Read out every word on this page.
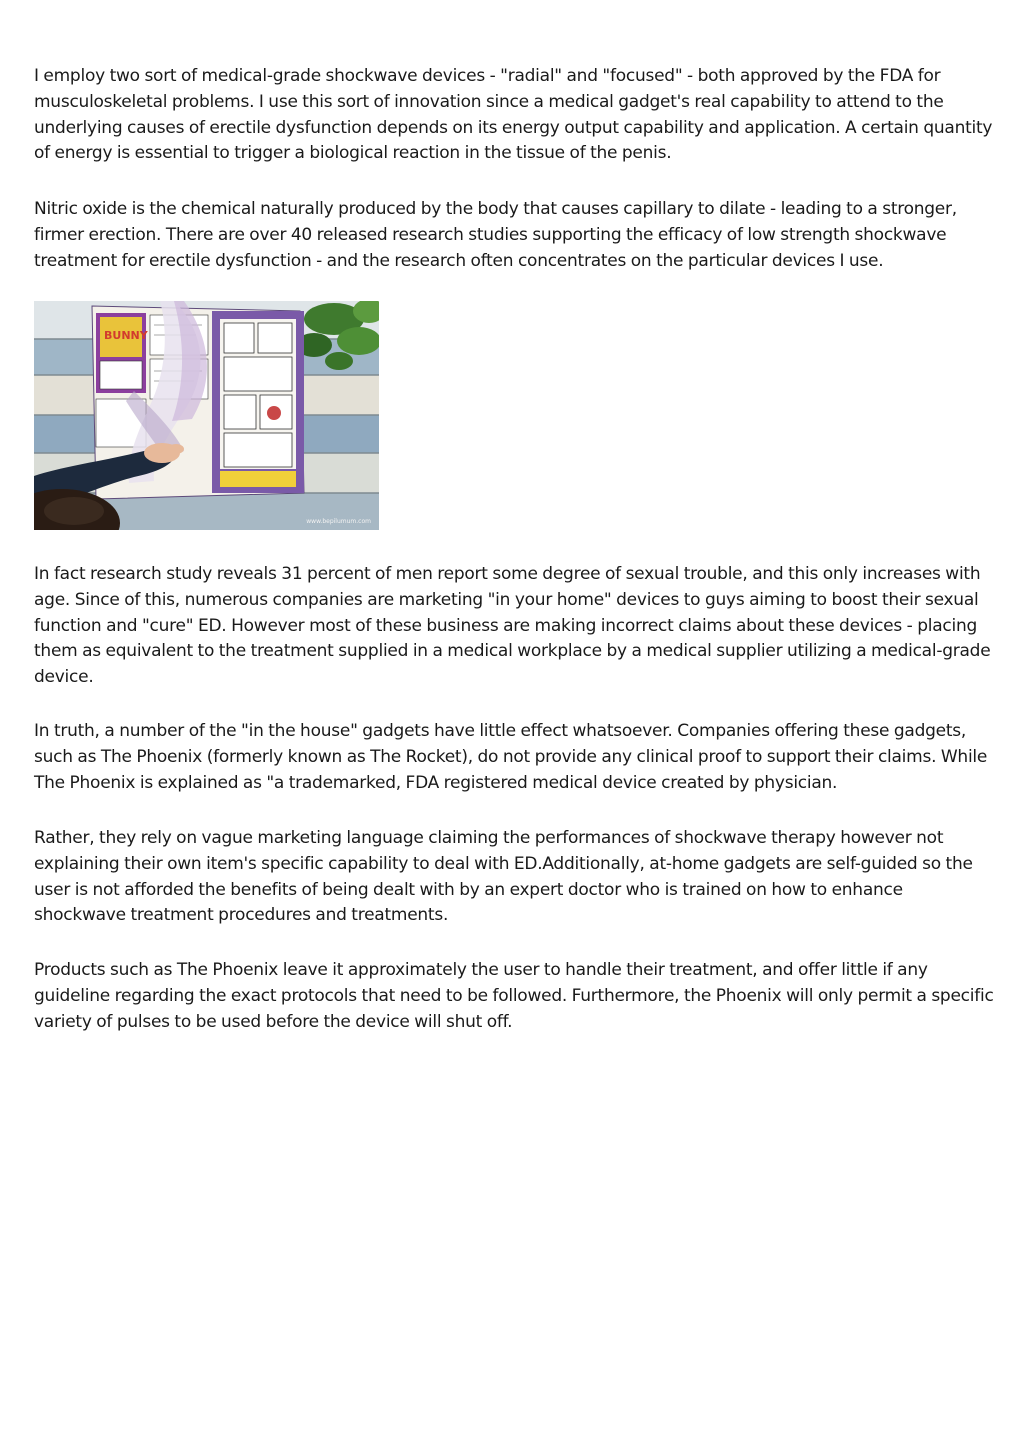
I employ two sort of medical-grade shockwave devices - "radial" and "focused" - both approved by the FDA for musculoskeletal problems. I use this sort of innovation since a medical gadget's real capability to attend to the underlying causes of erectile dysfunction depends on its energy output capability and application. A certain quantity of energy is essential to trigger a biological reaction in the tissue of the penis.

Nitric oxide is the chemical naturally produced by the body that causes capillary to dilate - leading to a stronger, firmer erection. There are over 40 released research studies supporting the efficacy of low strength shockwave treatment for erectile dysfunction - and the research often concentrates on the particular devices I use.

BUNNY
www.bepilumum.com

In fact research study reveals 31 percent of men report some degree of sexual trouble, and this only increases with age. Since of this, numerous companies are marketing "in your home" devices to guys aiming to boost their sexual function and "cure" ED. However most of these business are making incorrect claims about these devices - placing them as equivalent to the treatment supplied in a medical workplace by a medical supplier utilizing a medical-grade device.

In truth, a number of the "in the house" gadgets have little effect whatsoever. Companies offering these gadgets, such as The Phoenix (formerly known as The Rocket), do not provide any clinical proof to support their claims. While The Phoenix is explained as "a trademarked, FDA registered medical device created by physician.

Rather, they rely on vague marketing language claiming the performances of shockwave therapy however not explaining their own item's specific capability to deal with ED.Additionally, at-home gadgets are self-guided so the user is not afforded the benefits of being dealt with by an expert doctor who is trained on how to enhance shockwave treatment procedures and treatments.

Products such as The Phoenix leave it approximately the user to handle their treatment, and offer little if any guideline regarding the exact protocols that need to be followed. Furthermore, the Phoenix will only permit a specific variety of pulses to be used before the device will shut off.
